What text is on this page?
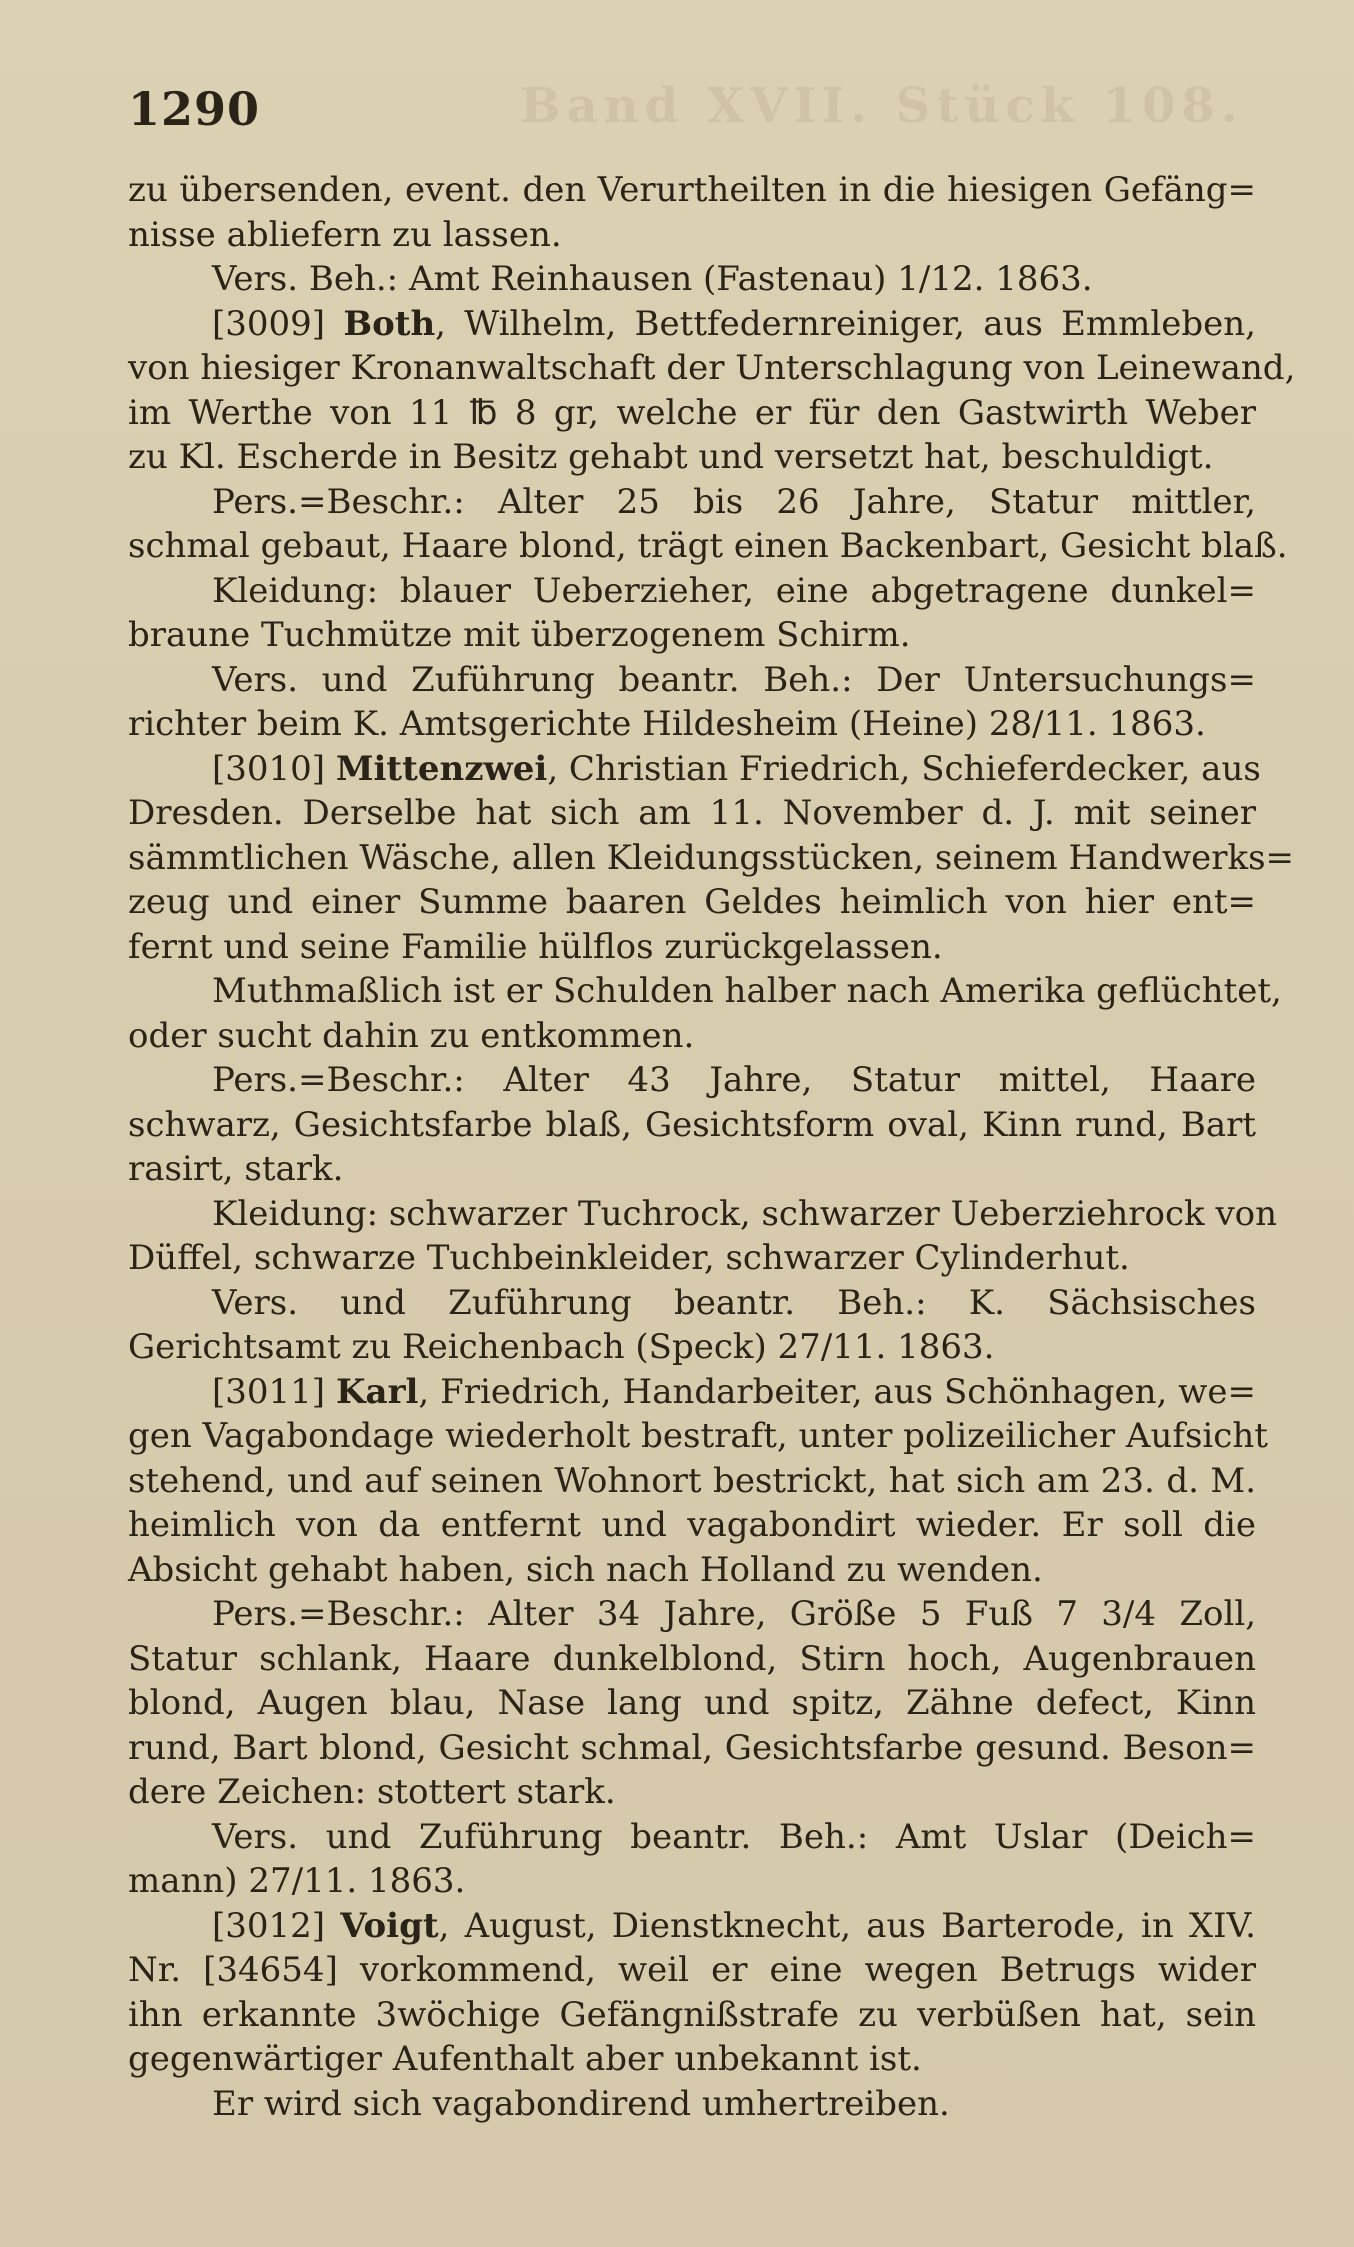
Band XVII. Stück 108.
1290
zu übersenden, event. den Verurtheilten in die hiesigen Gefäng=
nisse abliefern zu lassen.
Vers. Beh.: Amt Reinhausen (Fastenau) 1/12. 1863.
[3009] Both, Wilhelm, Bettfedernreiniger, aus Emmleben,
von hiesiger Kronanwaltschaft der Unterschlagung von Leinewand,
im Werthe von 11 ℔ 8 gr, welche er für den Gastwirth Weber
zu Kl. Escherde in Besitz gehabt und versetzt hat, beschuldigt.
Pers.=Beschr.: Alter 25 bis 26 Jahre, Statur mittler,
schmal gebaut, Haare blond, trägt einen Backenbart, Gesicht blaß.
Kleidung: blauer Ueberzieher, eine abgetragene dunkel=
braune Tuchmütze mit überzogenem Schirm.
Vers. und Zuführung beantr. Beh.: Der Untersuchungs=
richter beim K. Amtsgerichte Hildesheim (Heine) 28/11. 1863.
[3010] Mittenzwei, Christian Friedrich, Schieferdecker, aus
Dresden. Derselbe hat sich am 11. November d. J. mit seiner
sämmtlichen Wäsche, allen Kleidungsstücken, seinem Handwerks=
zeug und einer Summe baaren Geldes heimlich von hier ent=
fernt und seine Familie hülflos zurückgelassen.
Muthmaßlich ist er Schulden halber nach Amerika geflüchtet,
oder sucht dahin zu entkommen.
Pers.=Beschr.: Alter 43 Jahre, Statur mittel, Haare
schwarz, Gesichtsfarbe blaß, Gesichtsform oval, Kinn rund, Bart
rasirt, stark.
Kleidung: schwarzer Tuchrock, schwarzer Ueberziehrock von
Düffel, schwarze Tuchbeinkleider, schwarzer Cylinderhut.
Vers. und Zuführung beantr. Beh.: K. Sächsisches
Gerichtsamt zu Reichenbach (Speck) 27/11. 1863.
[3011] Karl, Friedrich, Handarbeiter, aus Schönhagen, we=
gen Vagabondage wiederholt bestraft, unter polizeilicher Aufsicht
stehend, und auf seinen Wohnort bestrickt, hat sich am 23. d. M.
heimlich von da entfernt und vagabondirt wieder. Er soll die
Absicht gehabt haben, sich nach Holland zu wenden.
Pers.=Beschr.: Alter 34 Jahre, Größe 5 Fuß 7 3/4 Zoll,
Statur schlank, Haare dunkelblond, Stirn hoch, Augenbrauen
blond, Augen blau, Nase lang und spitz, Zähne defect, Kinn
rund, Bart blond, Gesicht schmal, Gesichtsfarbe gesund. Beson=
dere Zeichen: stottert stark.
Vers. und Zuführung beantr. Beh.: Amt Uslar (Deich=
mann) 27/11. 1863.
[3012] Voigt, August, Dienstknecht, aus Barterode, in XIV.
Nr. [34654] vorkommend, weil er eine wegen Betrugs wider
ihn erkannte 3wöchige Gefängnißstrafe zu verbüßen hat, sein
gegenwärtiger Aufenthalt aber unbekannt ist.
Er wird sich vagabondirend umhertreiben.
